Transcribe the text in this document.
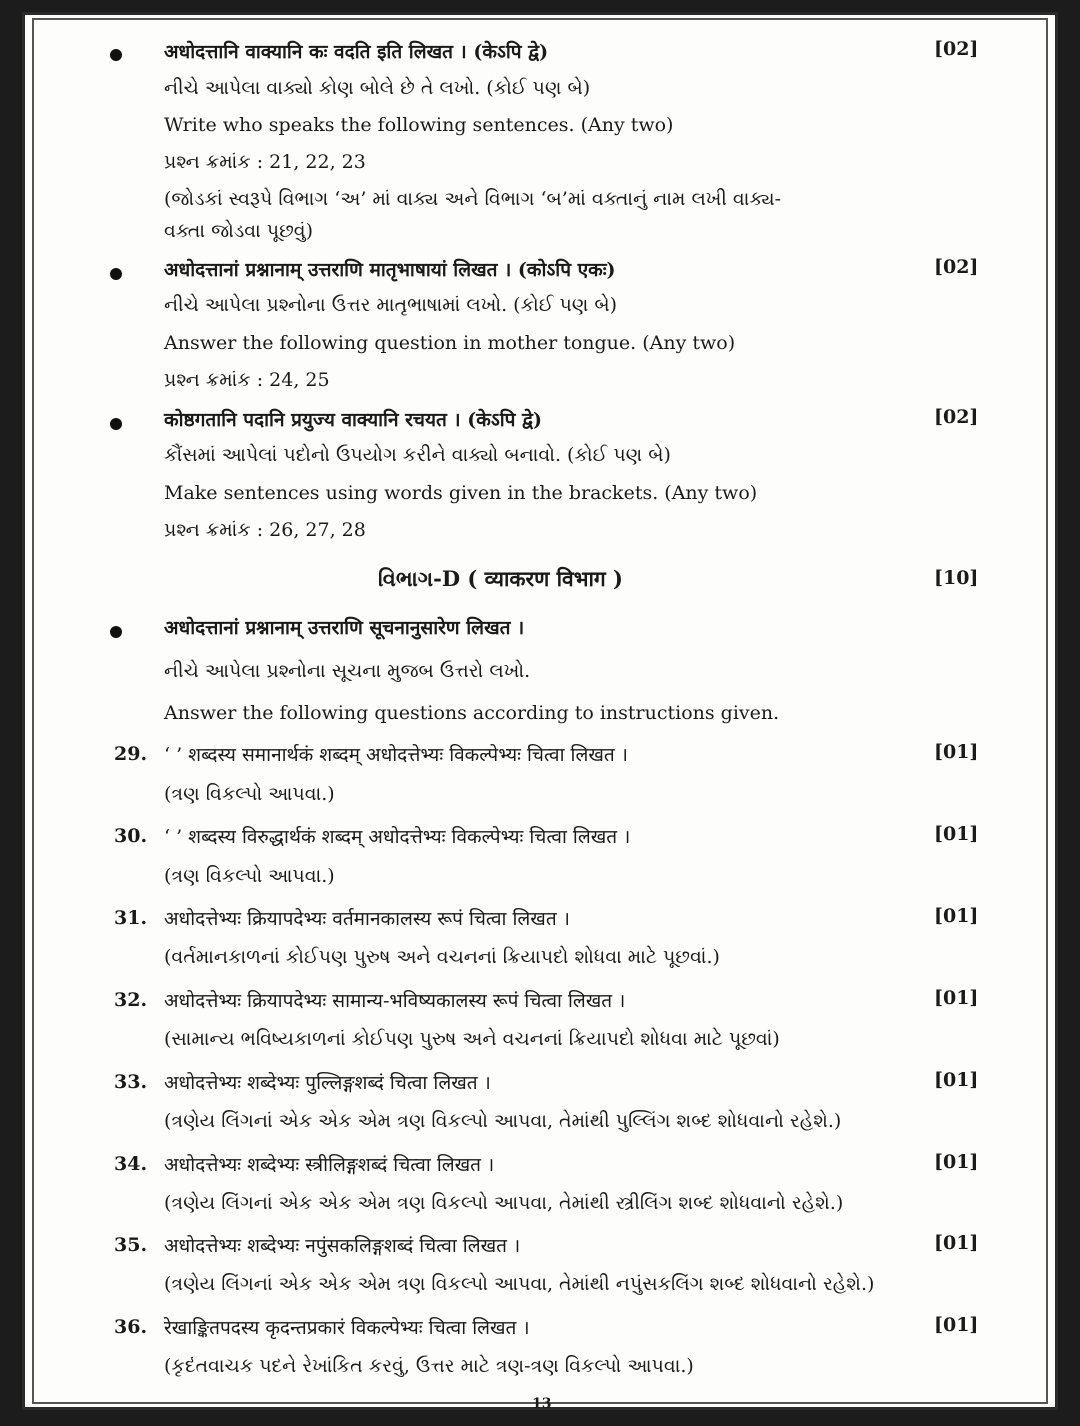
अधोदत्तानि वाक्यानि कः वदति इति लिखत । (केऽपि द्वे)	[02]
નીચે આપેલા વાક્યો કોણ બોલે છે તે લખો. (કોઈ પણ બે)
Write who speaks the following sentences. (Any two)
પ્રશ્ન ક્રમાંક : 21, 22, 23
(જોડકાં સ્વરૂપે વિભાગ ‘અ’ માં વાક્ય અને વિભાગ ‘બ’માં વક્તાનું નામ લખી વાક્ય-
વક્તા જોડવા પૂછવું)
अधोदत्तानां प्रश्नानाम् उत्तराणि मातृभाषायां लिखत । (कोऽपि एकः)	[02]
નીચે આપેલા પ્રશ્નોના ઉત્તર માતૃભાષામાં લખો. (કોઈ પણ બે)
Answer the following question in mother tongue. (Any two)
પ્રશ્ન ક્રમાંક : 24, 25
कोष्ठगतानि पदानि प्रयुज्य वाक्यानि रचयत । (केऽपि द्वे)	[02]
કૌંસમાં આપેલાં પદોનો ઉપયોગ કરીને વાક્યો બનાવો. (કોઈ પણ બે)
Make sentences using words given in the brackets. (Any two)
પ્રશ્ન ક્રમાંક : 26, 27, 28
વિભાગ-D ( व्याकरण विभाग )	[10]
अधोदत्तानां प्रश्नानाम् उत्तराणि सूचनानुसारेण लिखत ।
નીચે આપેલા પ્રશ્નોના સૂચના મુજબ ઉત્તરો લખો.
Answer the following questions according to instructions given.
29. ‘ ’ शब्दस्य समानार्थकं शब्दम् अधोदत्तेभ्यः विकल्पेभ्यः चित्वा लिखत ।	[01]
(ત્રણ વિકલ્પો આપવા.)
30. ‘ ’ शब्दस्य विरुद्धार्थकं शब्दम् अधोदत्तेभ्यः विकल्पेभ्यः चित्वा लिखत ।	[01]
(ત્રણ વિકલ્પો આપવા.)
31. अधोदत्तेभ्यः क्रियापदेभ्यः वर्तमानकालस्य रूपं चित्वा लिखत ।	[01]
(વર્તમાનકાળનાં કોઈપણ પુરુષ અને વચનનાં ક્રિયાપદો શોધવા માટે પૂછવાં.)
32. अधोदत्तेभ्यः क्रियापदेभ्यः सामान्य-भविष्यकालस्य रूपं चित्वा लिखत ।	[01]
(સામાન્ય ભવિષ્યકાળનાં કોઈપણ પુરુષ અને વચનનાં ક્રિયાપદો શોધવા માટે પૂછવાં)
33. अधोदत्तेभ्यः शब्देभ्यः पुल्लिङ्गशब्दं चित्वा लिखत ।	[01]
(ત્રણેય લિંગનાં એક એક એમ ત્રણ વિકલ્પો આપવા, તેમાંથી પુલ્લિંગ શબ્દ શોધવાનો રહેશે.)
34. अधोदत्तेभ्यः शब्देभ्यः स्त्रीलिङ्गशब्दं चित्वा लिखत ।	[01]
(ત્રણેય લિંગનાં એક એક એમ ત્રણ વિકલ્પો આપવા, તેમાંથી સ્ત્રીલિંગ શબ્દ શોધવાનો રહેશે.)
35. अधोदत्तेभ्यः शब्देभ्यः नपुंसकलिङ्गशब्दं चित्वा लिखत ।	[01]
(ત્રણેય લિંગનાં એક એક એમ ત્રણ વિકલ્પો આપવા, તેમાંથી નપુંસકલિંગ શબ્દ શોધવાનો રહેશે.)
36. रेखाङ्कितपदस्य कृदन्तप्रकारं विकल्पेभ्यः चित्वा लिखत ।	[01]
(કૃદંતવાચક પદને રેખાંકિત કરવું, ઉત્તર માટે ત્રણ-ત્રણ વિકલ્પો આપવા.)
13
